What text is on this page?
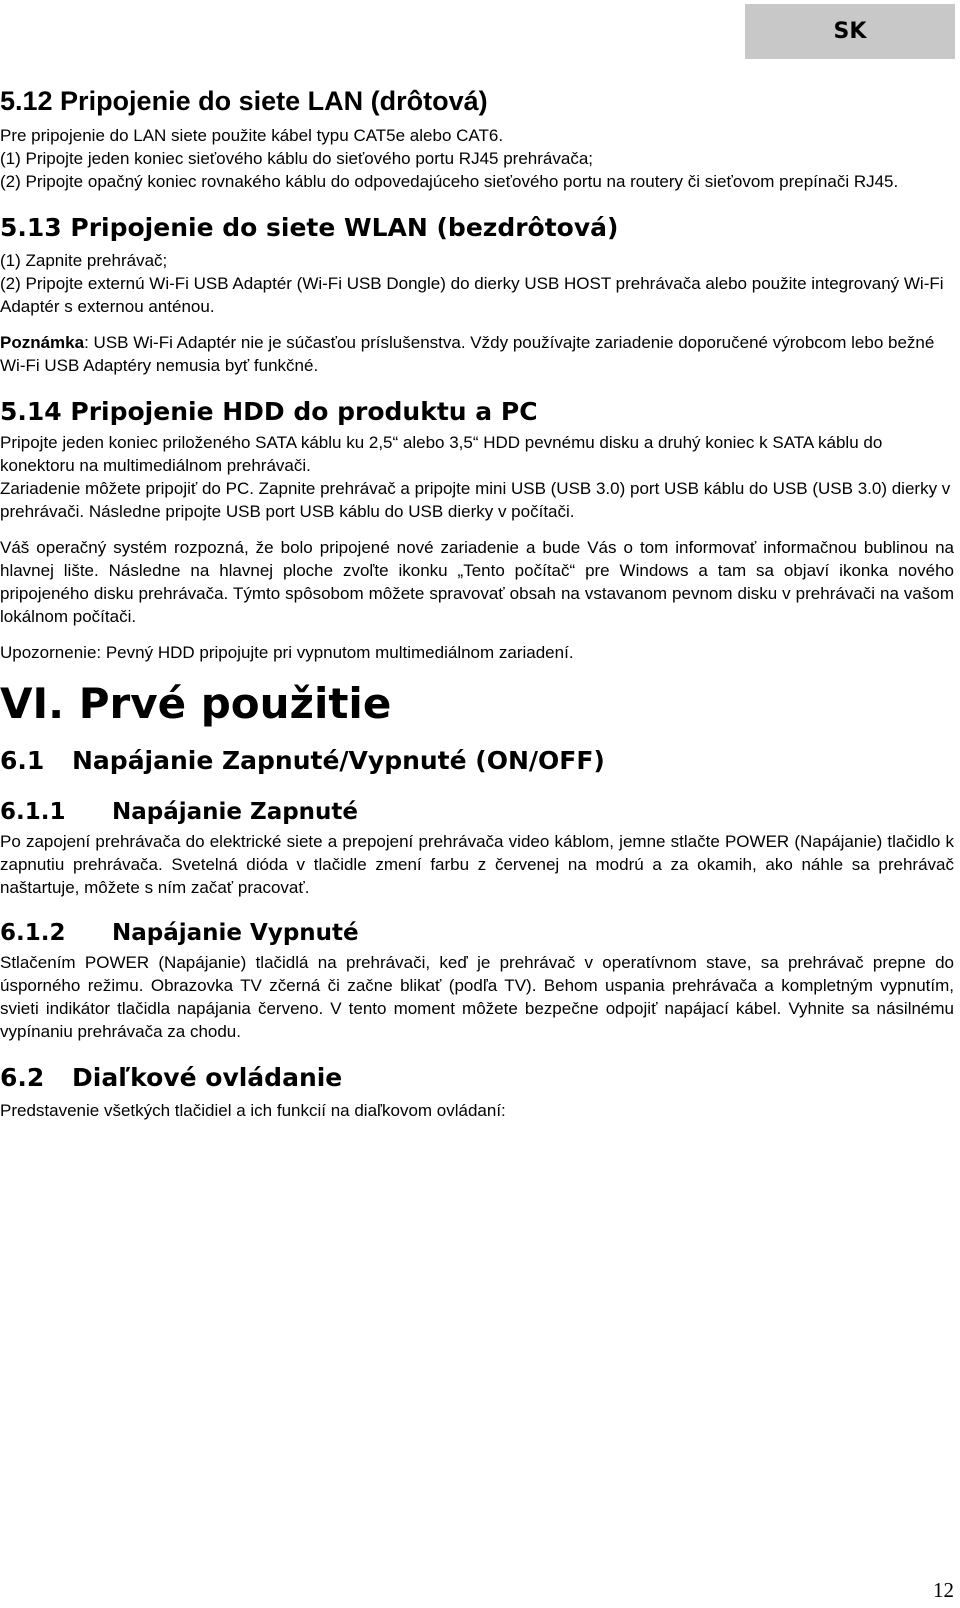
SK
5.12 Pripojenie do siete LAN (drôtová)

Pre pripojenie do LAN siete použite kábel typu CAT5e alebo CAT6.

(1) Pripojte jeden koniec sieťového káblu do sieťového portu RJ45 prehrávača;

(2) Pripojte opačný koniec rovnakého káblu do odpovedajúceho sieťového portu na routery či sieťovom prepínači RJ45.

5.13 Pripojenie do siete WLAN (bezdrôtová)

(1) Zapnite prehrávač;

(2) Pripojte externú Wi-Fi USB Adaptér (Wi-Fi USB Dongle) do dierky USB HOST prehrávača alebo použite integrovaný Wi-Fi Adaptér s externou anténou.

Poznámka: USB Wi-Fi Adaptér nie je súčasťou príslušenstva. Vždy používajte zariadenie doporučené výrobcom lebo bežné Wi-Fi USB Adaptéry nemusia byť funkčné.

5.14 Pripojenie HDD do produktu a PC

Pripojte jeden koniec priloženého SATA káblu ku 2,5“ alebo 3,5“ HDD pevnému disku a druhý koniec k SATA káblu do konektoru na multimediálnom prehrávači.

Zariadenie môžete pripojiť do PC. Zapnite prehrávač a pripojte mini USB (USB 3.0) port USB káblu do USB (USB 3.0) dierky v prehrávači. Následne pripojte USB port USB káblu do USB dierky v počítači.

Váš operačný systém rozpozná, že bolo pripojené nové zariadenie a bude Vás o tom informovať informačnou bublinou na hlavnej lište. Následne na hlavnej ploche zvoľte ikonku „Tento počítač“ pre Windows a tam sa objaví ikonka nového pripojeného disku prehrávača. Týmto spôsobom môžete spravovať obsah na vstavanom pevnom disku v prehrávači na vašom lokálnom počítači.

Upozornenie: Pevný HDD pripojujte pri vypnutom multimediálnom zariadení.

VI. Prvé použitie
6.1	Napájanie Zapnuté/Vypnuté (ON/OFF)
6.1.1	Napájanie Zapnuté

Po zapojení prehrávača do elektrické siete a prepojení prehrávača video káblom, jemne stlačte POWER (Napájanie) tlačidlo k zapnutiu prehrávača. Svetelná dióda v tlačidle zmení farbu z červenej na modrú a za okamih, ako náhle sa prehrávač naštartuje, môžete s ním začať pracovať.

6.1.2	Napájanie Vypnuté

Stlačením POWER (Napájanie) tlačidlá na prehrávači, keď je prehrávač v operatívnom stave, sa prehrávač prepne do úsporného režimu. Obrazovka TV zčerná či začne blikať (podľa TV). Behom uspania prehrávača a kompletným vypnutím, svieti indikátor tlačidla napájania červeno. V tento moment môžete bezpečne odpojiť napájací kábel. Vyhnite sa násilnému vypínaniu prehrávača za chodu.

6.2	Diaľkové ovládanie

Predstavenie všetkých tlačidiel a ich funkcií na diaľkovom ovládaní:

12
